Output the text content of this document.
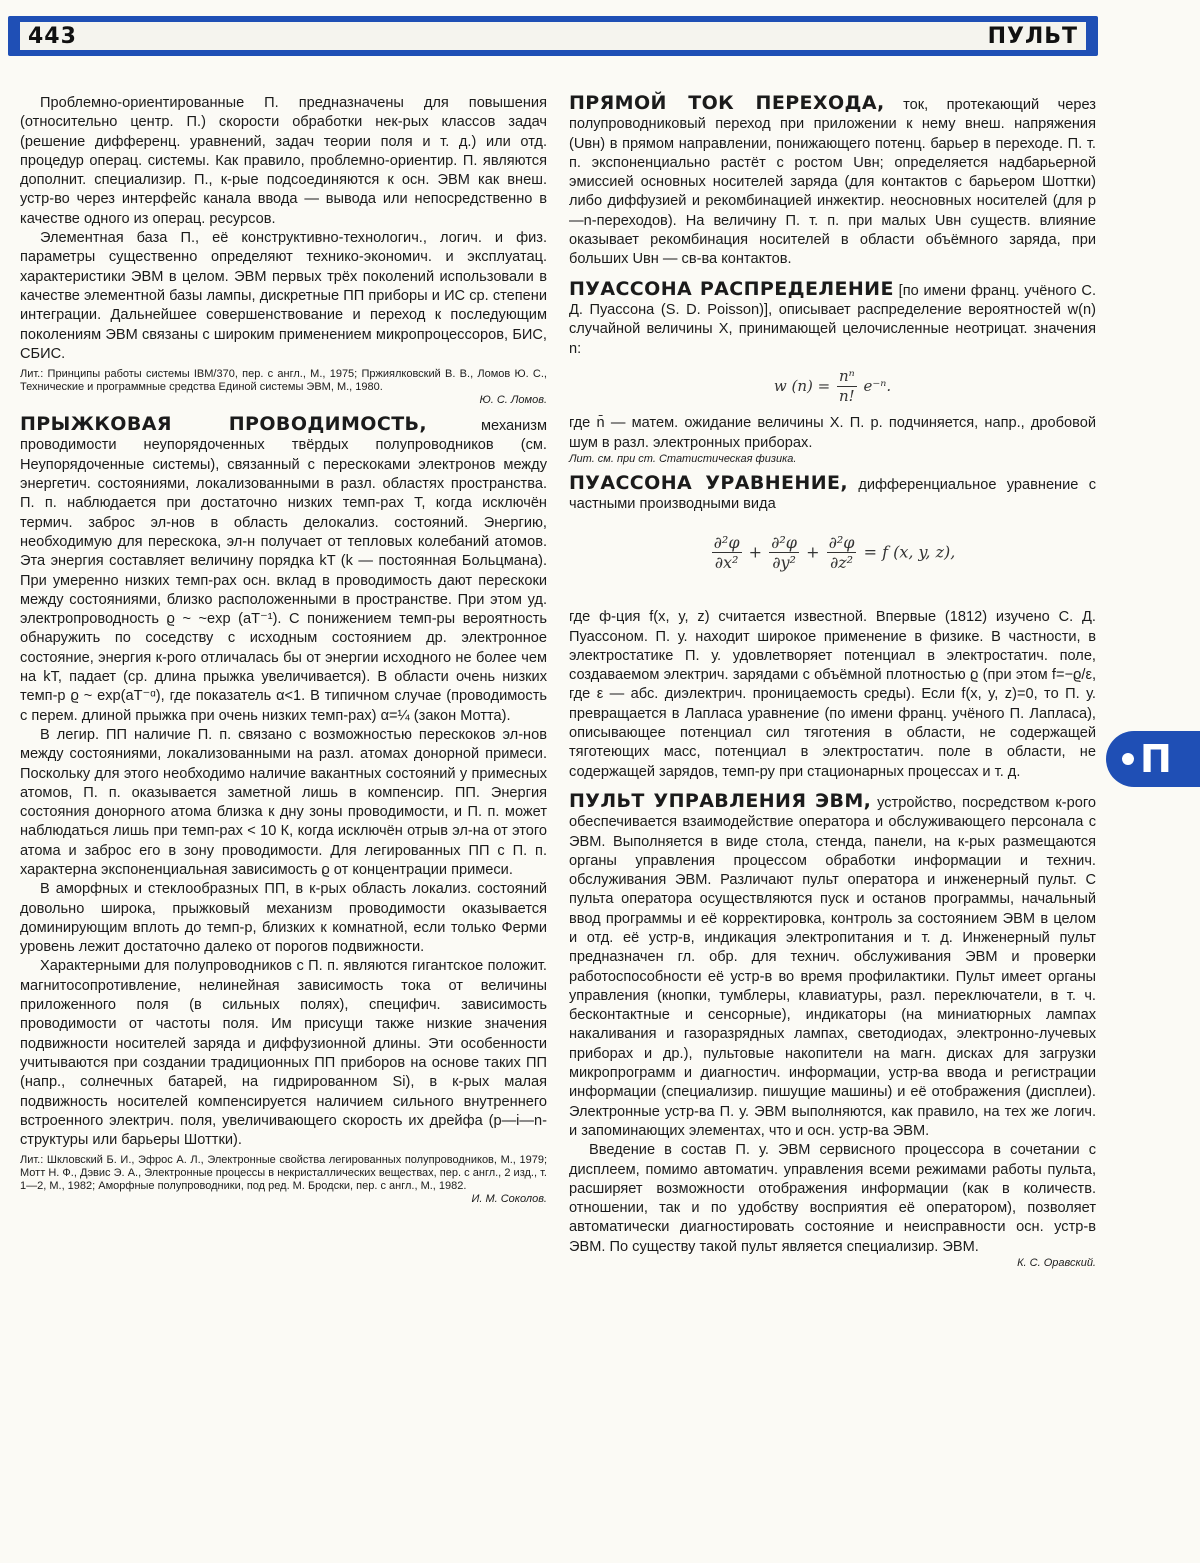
443	ПУЛЬТ
П

Проблемно-ориентированные П. предназначены для повышения (относительно центр. П.) скорости обработки нек-рых классов задач (решение дифференц. уравнений, задач теории поля и т. д.) или отд. процедур операц. системы. Как правило, проблемно-ориентир. П. являются дополнит. специализир. П., к-рые подсоединяются к осн. ЭВМ как внеш. устр-во через интерфейс канала ввода — вывода или непосредственно в качестве одного из операц. ресурсов.

Элементная база П., её конструктивно-технологич., логич. и физ. параметры существенно определяют технико-экономич. и эксплуатац. характеристики ЭВМ в целом. ЭВМ первых трёх поколений использовали в качестве элементной базы лампы, дискретные ПП приборы и ИС ср. степени интеграции. Дальнейшее совершенствование и переход к последующим поколениям ЭВМ связаны с широким применением микропроцессоров, БИС, СБИС.

Лит.: Принципы работы системы IBM/370, пер. с англ., М., 1975; Пржиялковский В. В., Ломов Ю. С., Технические и программные средства Единой системы ЭВМ, М., 1980.
Ю. С. Ломов.

ПРЫЖКОВАЯ ПРОВОДИМОСТЬ,	механизм проводимости неупорядоченных твёрдых полупроводников (см. Неупорядоченные системы), связанный с перескоками электронов между энергетич. состояниями, локализованными в разл. областях пространства. П. п. наблюдается при достаточно низких темп-рах T, когда исключён термич. заброс эл-нов в область делокализ. состояний. Энергию, необходимую для перескока, эл-н получает от тепловых колебаний атомов. Эта энергия составляет величину порядка kT (k — постоянная Больцмана). При умеренно низких темп-рах осн. вклад в проводимость дают перескоки между состояниями, близко расположенными в пространстве. При этом уд. электропроводность ϱ ~ ~exp (aT⁻¹). С понижением темп-ры вероятность обнаружить по соседству с исходным состоянием др. электронное состояние, энергия к-рого отличалась бы от энергии исходного не более чем на kT, падает (ср. длина прыжка увеличивается). В области очень низких темп-р ϱ ~ exp(aT⁻ᵅ), где показатель α<1. В типичном случае (проводимость с перем. длиной прыжка при очень низких темп-рах) α=¼ (закон Мотта).

В легир. ПП наличие П. п. связано с возможностью перескоков эл-нов между состояниями, локализованными на разл. атомах донорной примеси. Поскольку для этого необходимо наличие вакантных состояний у примесных атомов, П. п. оказывается заметной лишь в компенсир. ПП. Энергия состояния донорного атома близка к дну зоны проводимости, и П. п. может наблюдаться лишь при темп-рах < 10 К, когда исключён отрыв эл-на от этого атома и заброс его в зону проводимости. Для легированных ПП с П. п. характерна экспоненциальная зависимость ϱ от концентрации примеси.

В аморфных и стеклообразных ПП, в к-рых область локализ. состояний довольно широка, прыжковый механизм проводимости оказывается доминирующим вплоть до темп-р, близких к комнатной, если только Ферми уровень лежит достаточно далеко от порогов подвижности.

Характерными для полупроводников с П. п. являются гигантское положит. магнитосопротивление, нелинейная зависимость тока от величины приложенного поля (в сильных полях), специфич. зависимость проводимости от частоты поля. Им присущи также низкие значения подвижности носителей заряда и диффузионной длины. Эти особенности учитываются при создании традиционных ПП приборов на основе таких ПП (напр., солнечных батарей, на гидрированном Si), в к-рых малая подвижность носителей компенсируется наличием сильного внутреннего встроенного электрич. поля, увеличивающего скорость их дрейфа (p—i—n-структуры или барьеры Шоттки).

Лит.: Шкловский Б. И., Эфрос А. Л., Электронные свойства легированных полупроводников, М., 1979; Мотт Н. Ф., Дэвис Э. А., Электронные процессы в некристаллических веществах, пер. с англ., 2 изд., т. 1—2, М., 1982; Аморфные полупроводники, под ред. М. Бродски, пер. с англ., М., 1982.
И. М. Соколов.

ПРЯМОЙ ТОК ПЕРЕХОДА, ток, протекающий через полупроводниковый переход при приложении к нему внеш. напряжения (Uвн) в прямом направлении, понижающего потенц. барьер в переходе. П. т. п. экспоненциально растёт с ростом Uвн; определяется надбарьерной эмиссией основных носителей заряда (для контактов с барьером Шоттки) либо диффузией и рекомбинацией инжектир. неосновных носителей (для p—n-переходов). На величину П. т. п. при малых Uвн существ. влияние оказывает рекомбинация носителей в области объёмного заряда, при больших Uвн — св-ва контактов.

ПУАССОНА РАСПРЕДЕЛЕНИЕ [по имени франц. учёного С. Д. Пуассона (S. D. Poisson)], описывает распределение вероятностей w(n) случайной величины X, принимающей целочисленные неотрицат. значения n:

w (n) =
nⁿ
n!
e⁻ⁿ.

где n̄ — матем. ожидание величины X. П. р. подчиняется, напр., дробовой шум в разл. электронных приборах.

Лит. см. при ст. Статистическая физика.

ПУАССОНА УРАВНЕНИЕ, дифференциальное уравнение с частными производными вида

∂²φ
∂x²
+ ∂²φ
∂y²
+ ∂²φ
∂z²
= f (x, y, z),

где ф-ция f(x, y, z) считается известной. Впервые (1812) изучено С. Д. Пуассоном. П. у. находит широкое применение в физике. В частности, в электростатике П. у. удовлетворяет потенциал в электростатич. поле, создаваемом электрич. зарядами с объёмной плотностью ϱ (при этом f=−ϱ/ε, где ε — абс. диэлектрич. проницаемость среды). Если f(x, y, z)=0, то П. у. превращается в Лапласа уравнение (по имени франц. учёного П. Лапласа), описывающее потенциал сил тяготения в области, не содержащей тяготеющих масс, потенциал в электростатич. поле в области, не содержащей зарядов, темп-ру при стационарных процессах и т. д.

ПУЛЬТ УПРАВЛЕНИЯ ЭВМ, устройство, посредством к-рого обеспечивается взаимодействие оператора и обслуживающего персонала с ЭВМ. Выполняется в виде стола, стенда, панели, на к-рых размещаются органы управления процессом обработки информации и технич. обслуживания ЭВМ. Различают пульт оператора и инженерный пульт. С пульта оператора осуществляются пуск и останов программы, начальный ввод программы и её корректировка, контроль за состоянием ЭВМ в целом и отд. её устр-в, индикация электропитания и т. д. Инженерный пульт предназначен гл. обр. для технич. обслуживания ЭВМ и проверки работоспособности её устр-в во время профилактики. Пульт имеет органы управления (кнопки, тумблеры, клавиатуры, разл. переключатели, в т. ч. бесконтактные и сенсорные), индикаторы (на миниатюрных лампах накаливания и газоразрядных лампах, светодиодах, электронно-лучевых приборах и др.), пультовые накопители на магн. дисках для загрузки микропрограмм и диагностич. информации, устр-ва ввода и регистрации информации (специализир. пишущие машины) и её отображения (дисплеи). Электронные устр-ва П. у. ЭВМ выполняются, как правило, на тех же логич. и запоминающих элементах, что и осн. устр-ва ЭВМ.

Введение в состав П. у. ЭВМ сервисного процессора в сочетании с дисплеем, помимо автоматич. управления всеми режимами работы пульта, расширяет возможности отображения информации (как в количеств. отношении, так и по удобству восприятия её оператором), позволяет автоматически диагностировать состояние и неисправности осн. устр-в ЭВМ. По существу такой пульт является специализир. ЭВМ.

К. С. Оравский.
